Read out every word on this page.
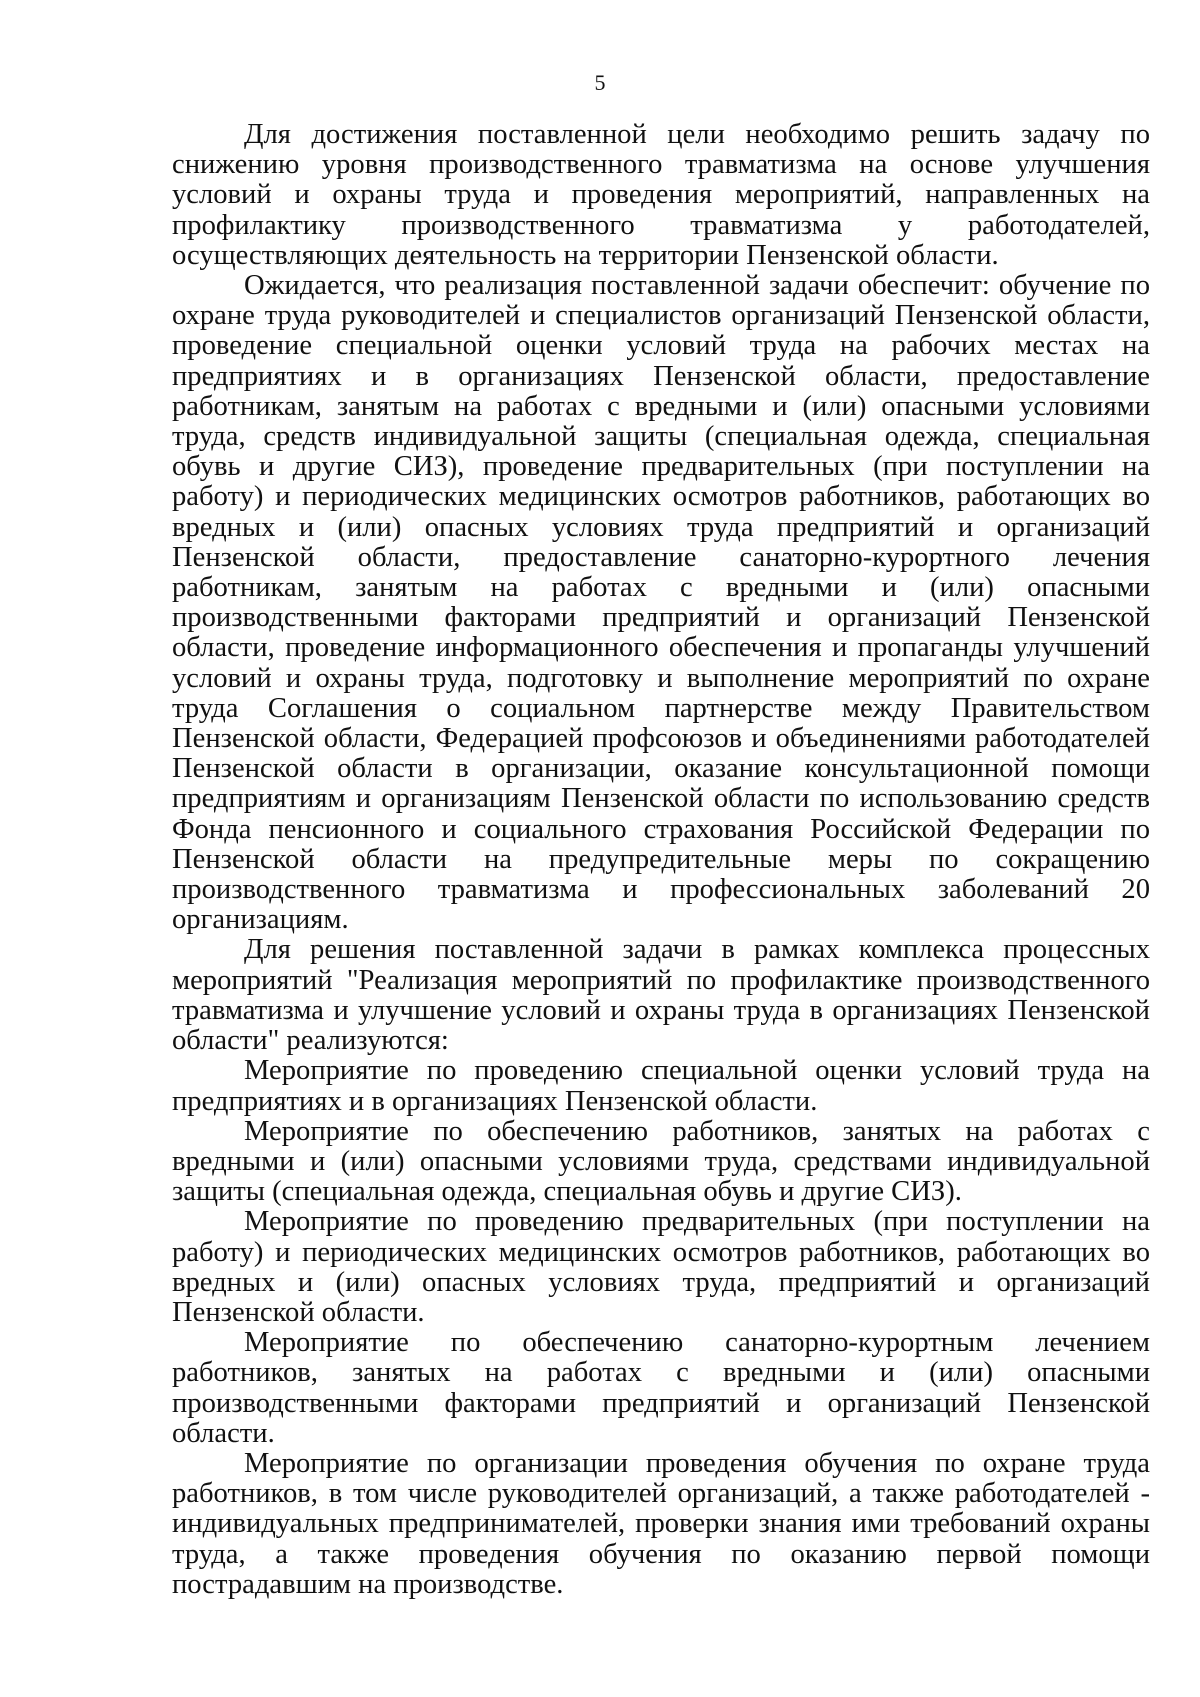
5

Для достижения поставленной цели необходимо решить задачу по снижению уровня производственного травматизма на основе улучшения условий и охраны труда и проведения мероприятий, направленных на профилактику производственного травматизма у работодателей, осуществляющих деятельность на территории Пензенской области.

Ожидается, что реализация поставленной задачи обеспечит: обучение по охране труда руководителей и специалистов организаций Пензенской области, проведение специальной оценки условий труда на рабочих местах на предприятиях и в организациях Пензенской области, предоставление работникам, занятым на работах с вредными и (или) опасными условиями труда, средств индивидуальной защиты (специальная одежда, специальная обувь и другие СИЗ), проведение предварительных (при поступлении на работу) и периодических медицинских осмотров работников, работающих во вредных и (или) опасных условиях труда предприятий и организаций Пензенской области, предоставление санаторно-курортного лечения работникам, занятым на работах с вредными и (или) опасными производственными факторами предприятий и организаций Пензенской области, проведение информационного обеспечения и пропаганды улучшений условий и охраны труда, подготовку и выполнение мероприятий по охране труда Соглашения о социальном партнерстве между Правительством Пензенской области, Федерацией профсоюзов и объединениями работодателей Пензенской области в организации, оказание консультационной помощи предприятиям и организациям Пензенской области по использованию средств Фонда пенсионного и социального страхования Российской Федерации по Пензенской области на предупредительные меры по сокращению производственного травматизма и профессиональных заболеваний 20 организациям.

Для решения поставленной задачи в рамках комплекса процессных мероприятий "Реализация мероприятий по профилактике производственного травматизма и улучшение условий и охраны труда в организациях Пензенской области" реализуются:

Мероприятие по проведению специальной оценки условий труда на предприятиях и в организациях Пензенской области.

Мероприятие по обеспечению работников, занятых на работах с вредными и (или) опасными условиями труда, средствами индивидуальной защиты (специальная одежда, специальная обувь и другие СИЗ).

Мероприятие по проведению предварительных (при поступлении на работу) и периодических медицинских осмотров работников, работающих во вредных и (или) опасных условиях труда, предприятий и организаций Пензенской области.

Мероприятие по обеспечению санаторно-курортным лечением работников, занятых на работах с вредными и (или) опасными производственными факторами предприятий и организаций Пензенской области.

Мероприятие по организации проведения обучения по охране труда работников, в том числе руководителей организаций, а также работодателей - индивидуальных предпринимателей, проверки знания ими требований охраны труда, а также проведения обучения по оказанию первой помощи пострадавшим на производстве.
